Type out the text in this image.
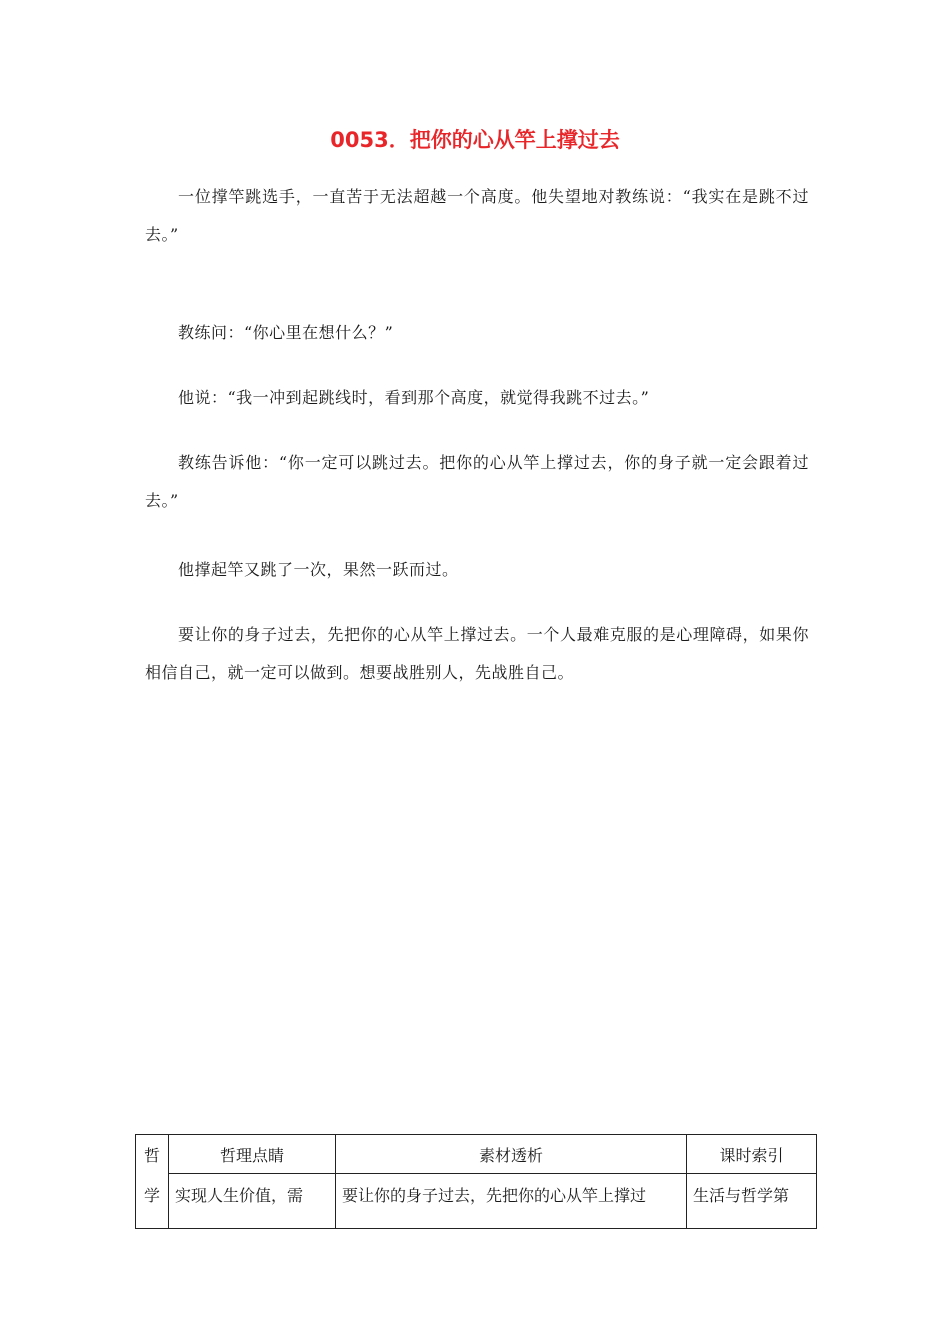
0053．把你的心从竿上撑过去
一位撑竿跳选手，一直苦于无法超越一个高度。他失望地对教练说：“我实在是跳不过去。”
教练问：“你心里在想什么？”
他说：“我一冲到起跳线时，看到那个高度，就觉得我跳不过去。”
教练告诉他：“你一定可以跳过去。把你的心从竿上撑过去，你的身子就一定会跟着过去。”
他撑起竿又跳了一次，果然一跃而过。
要让你的身子过去，先把你的心从竿上撑过去。一个人最难克服的是心理障碍，如果你相信自己，就一定可以做到。想要战胜别人，先战胜自己。
哲	哲理点睛	素材透析	课时索引
学	实现人生价值，需	要让你的身子过去，先把你的心从竿上撑过	生活与哲学第
